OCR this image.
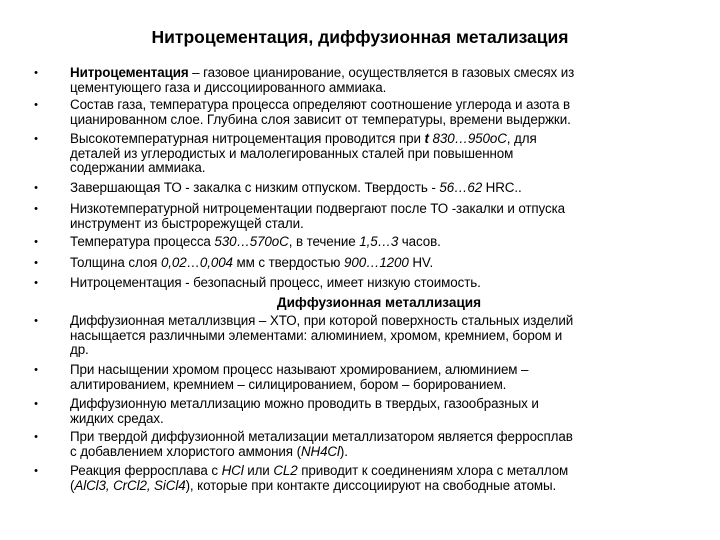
Нитроцементация, диффузионная метализация
• Нитроцементация – газовое цианирование, осуществляется в газовых смесях из
цементующего газа и диссоциированного аммиака.
• Состав газа, температура процесса определяют соотношение углерода и азота в
цианированном слое. Глубина слоя зависит от температуры, времени выдержки.
• Высокотемпературная нитроцементация проводится при t 830…950oC, для
деталей из углеродистых и малолегированных сталей при повышенном
содержании аммиака.
• Завершающая ТО - закалка с низким отпуском. Твердость - 56…62 HRC..
• Низкотемпературной нитроцементации подвергают после ТО -закалки и отпуска
инструмент из быстрорежущей стали.
• Температура процесса 530…570oC, в течение 1,5…3 часов.
• Толщина слоя 0,02…0,004 мм с твердостью 900…1200 HV.
• Нитроцементация - безопасный процесс, имеет низкую стоимость.
Диффузионная металлизация
• Диффузионная металлизвция – ХТО, при которой поверхность стальных изделий
насыщается различными элементами: алюминием, хромом, кремнием, бором и
др.
• При насыщении хромом процесс называют хромированием, алюминием –
алитированием, кремнием – силицированием, бором – борированием.
• Диффузионную металлизацию можно проводить в твердых, газообразных и
жидких средах.
• При твердой диффузионной метализации металлизатором является ферросплав
с добавлением хлористого аммония (NH4Cl).
• Реакция ферросплава с HCl или CL2 приводит к соединениям хлора с металлом
(AlCl3, CrCl2, SiCl4), которые при контакте диссоциируют на свободные атомы.
